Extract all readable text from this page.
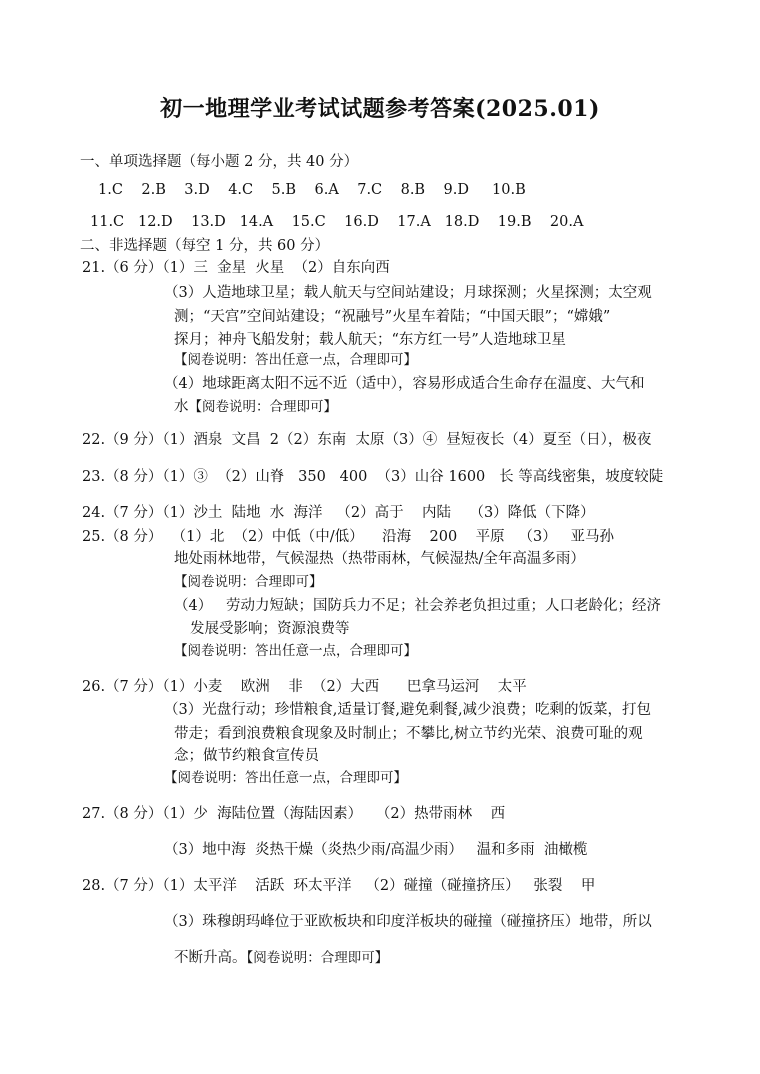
初一地理学业考试试题参考答案(2025.01)
一、单项选择题（每小题 2 分，共 40 分）
1.C    2.B    3.D    4.C    5.B    6.A    7.C    8.B    9.D     10.B
11.C   12.D    13.D   14.A    15.C    16.D    17.A   18.D    19.B    20.A
二、非选择题（每空 1 分，共 60 分）
21.（6 分）（1）三  金星  火星  （2）自东向西
（3）人造地球卫星；载人航天与空间站建设；月球探测；火星探测；太空观
测；“天宫”空间站建设；“祝融号”火星车着陆；“中国天眼”；“嫦娥”
探月；神舟飞船发射；载人航天；“东方红一号”人造地球卫星
【阅卷说明：答出任意一点，合理即可】
（4）地球距离太阳不远不近（适中），容易形成适合生命存在温度、大气和
水【阅卷说明：合理即可】
22.（9 分）（1）酒泉  文昌  2（2）东南  太原（3）④  昼短夜长（4）夏至（日），极夜
23.（8 分）（1）③  （2）山脊   350   400  （3）山谷 1600   长 等高线密集，坡度较陡
24.（7 分）（1）沙土  陆地  水  海洋   （2）高于    内陆    （3）降低（下降）
25.（8 分）  （1）北  （2）中低（中/低）    沿海    200    平原   （3）   亚马孙
地处雨林地带，气候湿热（热带雨林，气候湿热/全年高温多雨）
【阅卷说明：合理即可】
（4）   劳动力短缺；国防兵力不足；社会养老负担过重；人口老龄化；经济
发展受影响；资源浪费等
【阅卷说明：答出任意一点，合理即可】
26.（7 分）（1）小麦    欧洲    非  （2）大西      巴拿马运河    太平
（3）光盘行动；珍惜粮食,适量订餐,避免剩餐,减少浪费；吃剩的饭菜，打包
带走；看到浪费粮食现象及时制止；不攀比,树立节约光荣、浪费可耻的观
念；做节约粮食宣传员
【阅卷说明：答出任意一点，合理即可】
27.（8 分）（1）少  海陆位置（海陆因素）   （2）热带雨林    西
（3）地中海  炎热干燥（炎热少雨/高温少雨）   温和多雨  油橄榄
28.（7 分）（1）太平洋    活跃  环太平洋   （2）碰撞（碰撞挤压）   张裂    甲
（3）珠穆朗玛峰位于亚欧板块和印度洋板块的碰撞（碰撞挤压）地带，所以
不断升高。【阅卷说明：合理即可】
